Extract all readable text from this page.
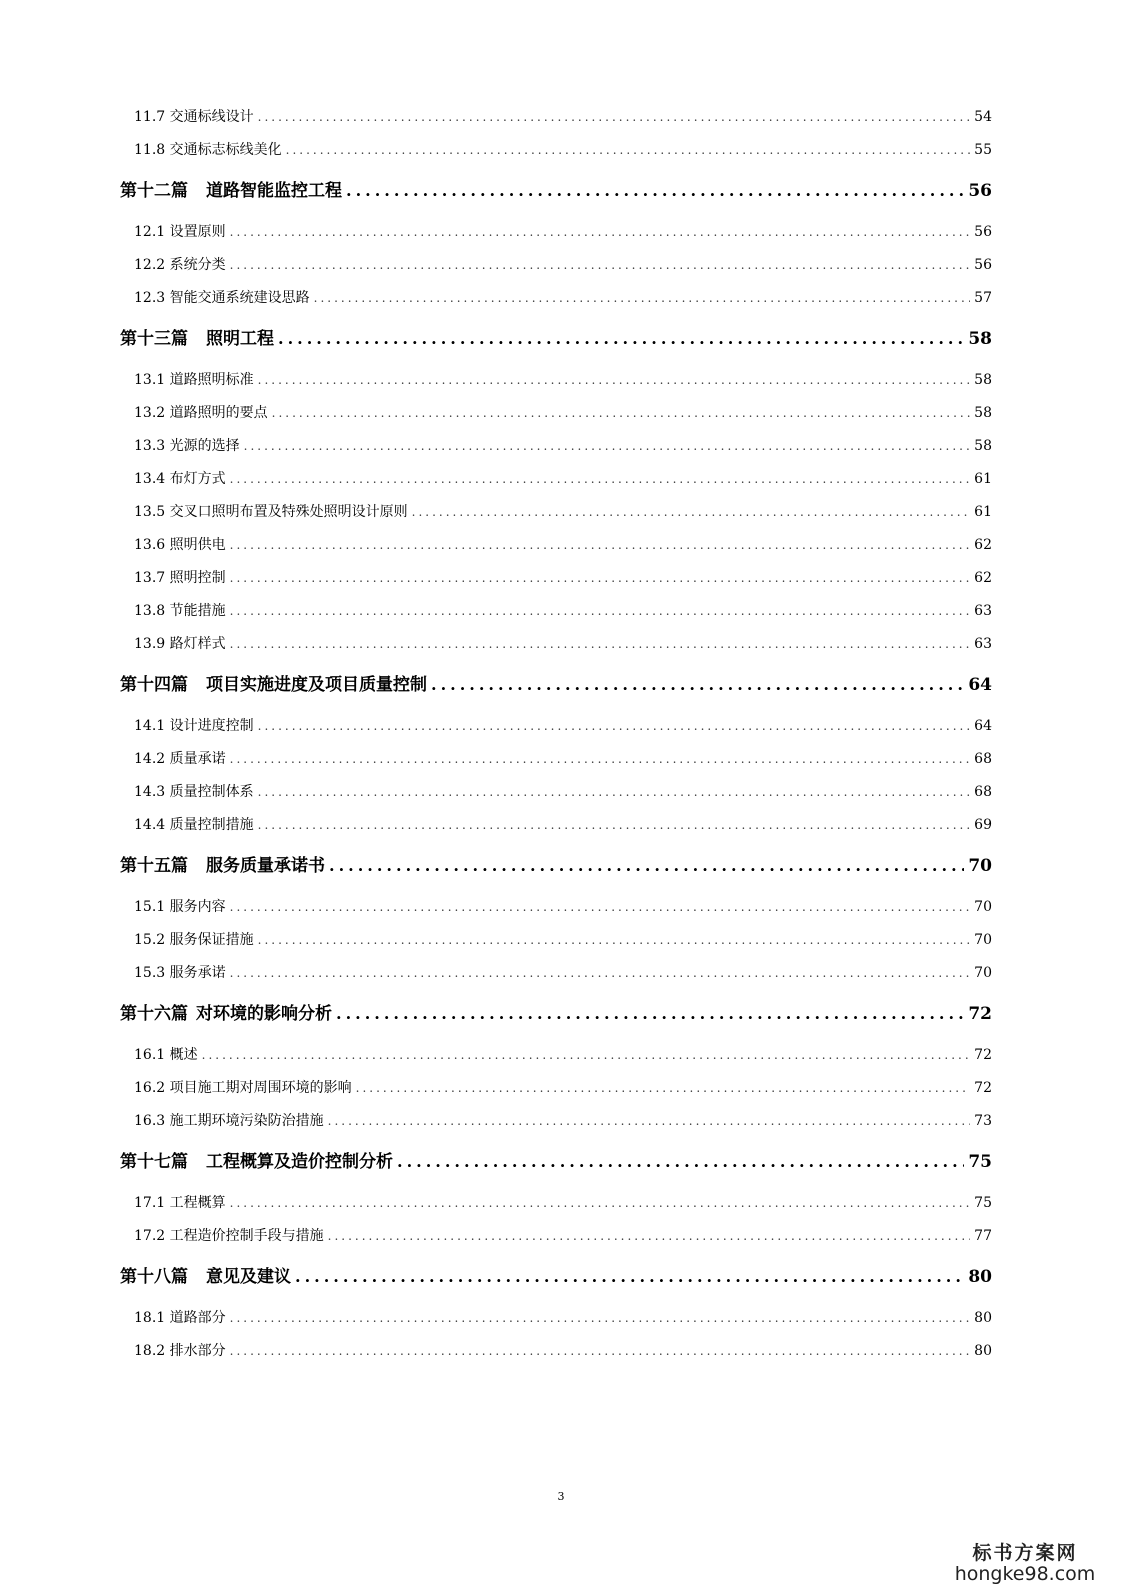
11.7 交通标线设计 .....	54
11.8 交通标志标线美化 .....	55
第十二篇 道路智能监控工程 .....	56
12.1 设置原则 .....	56
12.2 系统分类 .....	56
12.3 智能交通系统建设思路 .....	57
第十三篇 照明工程 .....	58
13.1 道路照明标准 .....	58
13.2 道路照明的要点 .....	58
13.3 光源的选择 .....	58
13.4 布灯方式 .....	61
13.5 交叉口照明布置及特殊处照明设计原则 .....	61
13.6 照明供电 .....	62
13.7 照明控制 .....	62
13.8 节能措施 .....	63
13.9 路灯样式 .....	63
第十四篇 项目实施进度及项目质量控制 .....	64
14.1 设计进度控制 .....	64
14.2 质量承诺 .....	68
14.3 质量控制体系 .....	68
14.4 质量控制措施 .....	69
第十五篇 服务质量承诺书 .....	70
15.1 服务内容 .....	70
15.2 服务保证措施 .....	70
15.3 服务承诺 .....	70
第十六篇 对环境的影响分析 .....	72
16.1 概述 .....	72
16.2 项目施工期对周围环境的影响 .....	72
16.3 施工期环境污染防治措施 .....	73
第十七篇 工程概算及造价控制分析 .....	75
17.1 工程概算 .....	75
17.2 工程造价控制手段与措施 .....	77
第十八篇 意见及建议 .....	80
18.1 道路部分 .....	80
18.2 排水部分 .....	80
3
标书方案网
hongke98.com
